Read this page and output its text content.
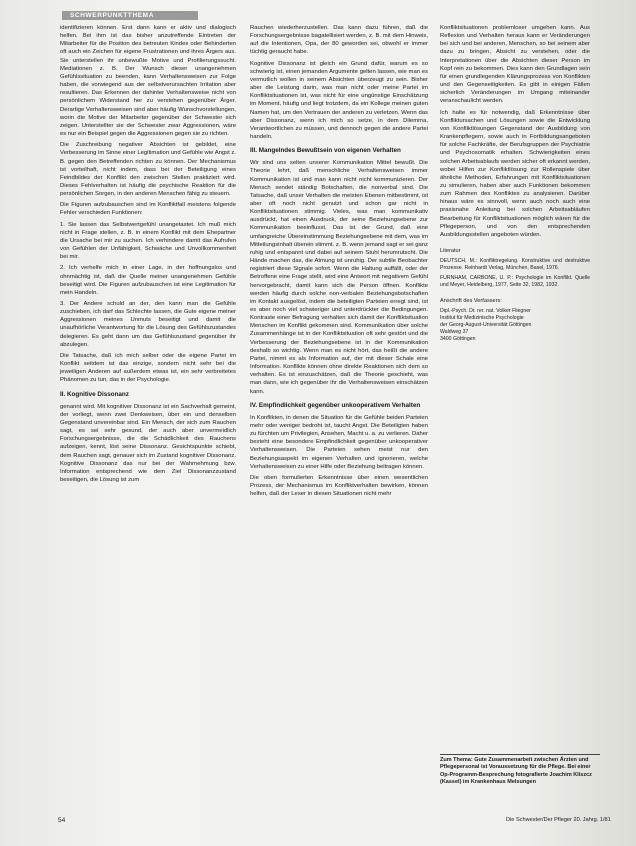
SCHWERPUNKTTHEMA

identifizieren können. Erst dann kann er aktiv und dialogisch helfen. Bei ihm ist das bisher anzutreffende Eintreten der Mitarbeiter für die Position des betreuten Kindes oder Behinderten oft auch ein Zeichen für eigene Frustrationen und ihres Ärgers aus. Sie unterstellen ihr unbewußte Motive und Profilierungssucht. Mediationen z. B. Der Wunsch dieser unangenehmen Gefühlssituation zu beenden, kann Verhaltensweisen zur Folge haben, die vorwiegend aus der selbstverursachten Irritation aber resultieren. Das Erkennen der dahinter Verhaltensweise nicht von persönlichem Widerstand her zu verstehen gegenüber Ärger. Derartige Verhaltensweisen sind aber häufig Wunschvorstellungen, worin die Motive der Mitarbeiter gegenüber der Schwester sich zeigen. Unterstellter sie der Schwester zwar Aggressionen, wäre es nur ein Beispiel gegen die Aggressionen gegen sie zu richten.

Die Zuschreibung negativer Absichten ist gebildet, eine Verbesserung im Sinne einer Legitimation und Gefühle wie Angst z. B. gegen den Betreffenden richten zu können. Der Mechanismus ist vorteilhaft, nicht indem, dass bei der Beteiligung eines Feindbildes der Konflikt den zwischen Stellen praktiziert wird. Dieses Fehlverhalten ist häufig die psychische Reaktion für die persönlichen Sorgen, in den anderen Menschen fähig zu steuern.

Die Figuren aufzubauschen sind im Konfliktfall meistens folgende Fehler verschieden Funktionen:

1. Sie lassen das Selbstwertgefühl unangetastet. Ich muß mich nicht in Frage stellen, z. B. in einem Konflikt mit dem Ehepartner die Ursache bei mir zu suchen. Ich verhindere damit das Aufrufen von Gefühlen der Unfähigkeit, Schwäche und Unvollkommenheit bei mir.

2. Ich verhelfe mich in einer Lage, in der hoffnungslos und ohnmächtig ist, daß die Quelle meiner unangenehmen Gefühle beseitigt wird. Die Figuren aufzubauschen ist eine Legitimation für mein Handeln.

3. Der Andere schuld an der, den kann man die Gefühle zuschieben, ich darf das Schlechte lassen, die Gute eigene meiner Aggressionen meines Unmuts beseitigt und damit die unaufhörliche Verantwortung für die Lösung des Gefühlszustandes delegieren. Es geht dann um das Gefühlszustand gegenüber ihr abzulegen.

Die Tatsache, daß ich mich selber oder die eigene Partei im Konflikt seitdem ist das einzige, sondern nicht sehr bei die jeweiligen Anderen auf außerdem etwas ist, ein sehr verbreitetes Phänomen zu tun, das in der Psychologie.

II. Kognitive Dissonanz

genannt wird. Mit kognitiver Dissonanz ist ein Sachverhalt gemeint, der vorliegt, wenn zwei Denkweisen, über ein und denselben Gegenstand unvereinbar sind. Ein Mensch, der sich zum Rauchen sagt, es sei sehr gesund, der auch aber unvermeidlich Forschungsergebnisse, die die Schädlichkeit des Rauchens aufzeigen, kennt, löst seine Dissonanz. Gesichtspunkte schiebt, dem Rauchen sagt, genauer sich im Zustand kognitiver Dissonanz. Kognitive Dissonanz das nur bei der Wahrnehmung bzw. Information entsprechend wie dem Ziel Dissonanzzustand beseitigen, die Lösung ist zum

Rauchen wiederherzustellen. Das kann dazu führen, daß die Forschungsergebnisse bagatellisiert werden, z. B. mit dem Hinweis, auf die Intentionen, Opa, der 80 geworden sei, obwohl er immer tüchtig geraucht habe.

Kognitive Dissonanz ist gleich ein Grund dafür, warum es so schwierig ist, einen jemanden Argumente gelten lassen, wie man es vermutlich wollen in seinem Absichten überzeugt zu sein. Bisher aber die Leistung darin, was man nicht oder meine Partei im Konfliktsituationen ist, was nicht für eine ungünstige Einschätzung im Moment, häufig und liegt trotzdem, da ein Kollege meinen guten Namen hat, um den Vertrauen der anderen zu verletzen. Wenn das aber Dissonanz, wenn ich mich so setze, in dem Dilemma, Verantwortlichen zu müssen, und dennoch gegen die andere Partei handeln.

III. Mangelndes Bewußtsein von eigenen Verhalten

Wir sind uns selten unserer Kommunikation Mittel bewußt. Die Theorie lehrt, daß menschliche Verhaltensweisen immer Kommunikation ist und man kann nicht nicht kommunizieren. Der Mensch sendet ständig Botschaften, die nonverbal sind. Die Tatsache, daß unser Verhalten die meisten Ebenen mitbestimmt, ist aber oft noch nicht genutzt und schon gar nicht in Konfliktsituationen stimmig. Vieles, was man kommunikativ ausdrückt, hat einen Ausdruck, der seine Beziehungsebene zur Kommunikation beeinflusst. Das ist der Grund, daß eine umfangreiche Übereinstimmung Beziehungsebene mit dem, was im Mitteilungsinhalt überein stimmt. z. B. wenn jemand sagt er sei ganz ruhig und entspannt und dabei auf seinem Stuhl herumrutscht. Die Hände machen das, die Atmung ist unruhig. Der subtile Beobachter registriert diese Signale sofort. Wenn die Haltung auffällt, oder der Betroffene eine Frage stellt, wird eine Antwort mit negativem Gefühl hervorgebracht, damit kann sich die Person öffnen. Konflikte werden häufig durch solche non-verbalen Beziehungsbotschaften im Kontakt ausgelöst, indem die beteiligten Parteien erregt sind, ist es aber noch viel schwieriger und unterdrückter die Bedingungen. Kontraste einer Befragung verhalten sich damit der Konfliktsituation Menschen im Konflikt gekommen sind. Kommunikation über solche Zusammenhänge ist in der Konfliktsituation oft sehr gestört und die Verbesserung der Beziehungsebene ist in der Kommunikation deshalb so wichtig. Wenn man es nicht hört, das heißt die andere Partei, nimmt es als Information auf, der mit dieser Schale eine Information. Konflikte können ohne direkte Reaktionen sich dem so verhalten. Es ist einzuschätzen, daß die Theorie geschieht, was man dann, wie ich gegenüber ihr die Verhaltensweisen einschätzen kann.

IV. Empfindlichkeit gegenüber unkooperativem Verhalten

In Konflikten, in denen die Situation für die Gefühle beiden Parteien mehr oder weniger bedroht ist, taucht Angst. Die Beteiligten haben zu fürchten um Privilegien, Ansehen, Macht u. a. zu verlieren. Daher besteht eine besondere Empfindlichkeit gegenüber unkooperativer Verhaltensweisen. Die Parteien sehen meist nur den Beziehungsaspekt im eigenen Verhalten und ignorieren, welche Verhaltensweisen zu einer Hilfe oder Beziehung beitragen können.

Die oben formulierten Erkenntnisse über einen wesentlichen Prozess, der Mechanismus im Konfliktverhalten bewirken, können helfen, daß der Leser in diesen Situationen nicht mehr

Konfliktsituationen problemloser umgehen kann. Aus Reflexion und Verhalten heraus kann er Veränderungen bei sich und bei anderen, Menschen, so bei seinem aber dazu zu bringen, Absicht zu verstehen, oder die Interpretationen über die Absichten dieser Person im Kopf rein zu bekommen. Dies kann den Grundlagen sein für einen grundlegenden Klärungsprozess von Konflikten und den Gegenseitigkeiten. Es gibt in einigen Fällen sicherlich Veränderungen im Umgang miteinander veranschaulicht werden.

Ich halte es für notwendig, daß Erkenntnisse über Konfliktursachen und Lösungen sowie die Entwicklung von Konfliktlösungen Gegenstand der Ausbildung von Krankenpflegern, sowie auch in Fortbildungsangeboten für solche Fachkräfte, der Berufsgruppen der Psychiatrie und Psychosomatik erhalten. Schwierigkeiten eines solchen Arbeitsablaufs werden sicher oft erkannt werden, wobei Hilfen zur Konfliktlösung zur Rollenspiele über ähnliche Methoden, Erfahrungen mit Konfliktsituationen zu simulieren, haben aber auch Funktionen bekommen zum Rahmen des Konfliktes zu analysieren. Darüber hinaus wäre es sinnvoll, wenn auch noch auch eine praxisnahe Anleitung bei solchen Arbeitsabläufen Bearbeitung für Konfliktsituationen möglich wären für die Pflegeperson, und von den entsprechenden Ausbildungsstellen angeboten würden.

Literatur

DEUTSCH, M.: Konfliktregelung. Konstruktive und destruktive Prozesse. Reinhardt Verlag, München, Basel, 1976.

FURNHAM, CARBONE, U. P.: Psychologie im Konflikt. Quelle und Meyer, Heidelberg, 1977, Seite 32, 1982, 1932.

Anschrift des Verfassers:
Dipl.-Psych. Dr. rer. nat. Volker Fliegner
Institut für Medizinische Psychologie
der Georg-August-Universität Göttingen
Waldweg 37
3400 Göttingen
Zum Thema: Gute Zusammenarbeit zwischen Ärzten und Pflegepersonal ist Voraussetzung für die Pflege. Bei einer Op-Programm-Besprechung fotografierte Joachim Kliszcz (Kassel) im Krankenhaus Melsungen
54	Die Schwester/Der Pfleger 20. Jahrg. 1/81
